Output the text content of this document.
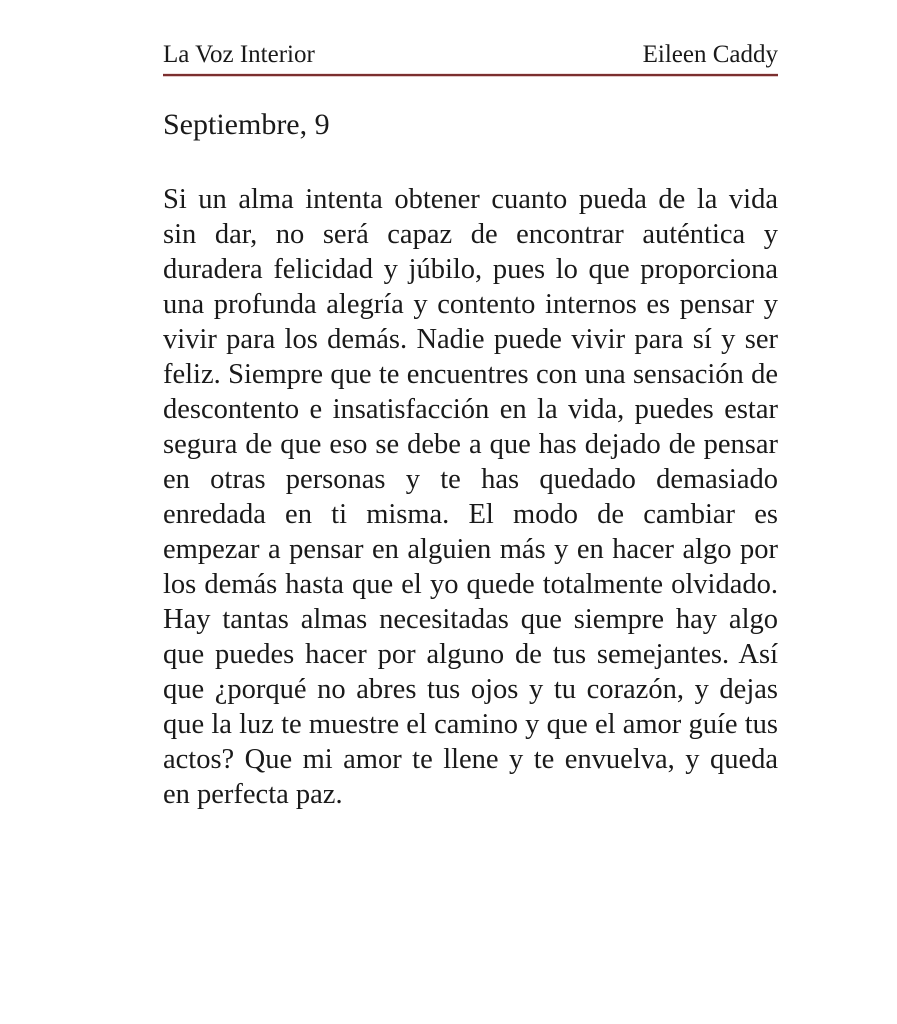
La Voz Interior	Eileen Caddy
Septiembre, 9

Si un alma intenta obtener cuanto pueda de la vida sin dar, no será capaz de encontrar auténtica y duradera felicidad y júbilo, pues lo que proporciona una profunda alegría y contento internos es pensar y vivir para los demás. Nadie puede vivir para sí y ser feliz. Siempre que te encuentres con una sensación de descontento e insatisfacción en la vida, puedes estar segura de que eso se debe a que has dejado de pensar en otras personas y te has quedado demasiado enredada en ti misma. El modo de cambiar es empezar a pensar en alguien más y en hacer algo por los demás hasta que el yo quede totalmente olvidado. Hay tantas almas necesitadas que siempre hay algo que puedes hacer por alguno de tus semejantes. Así que ¿porqué no abres tus ojos y tu corazón, y dejas que la luz te muestre el camino y que el amor guíe tus actos? Que mi amor te llene y te envuelva, y queda en perfecta paz.
